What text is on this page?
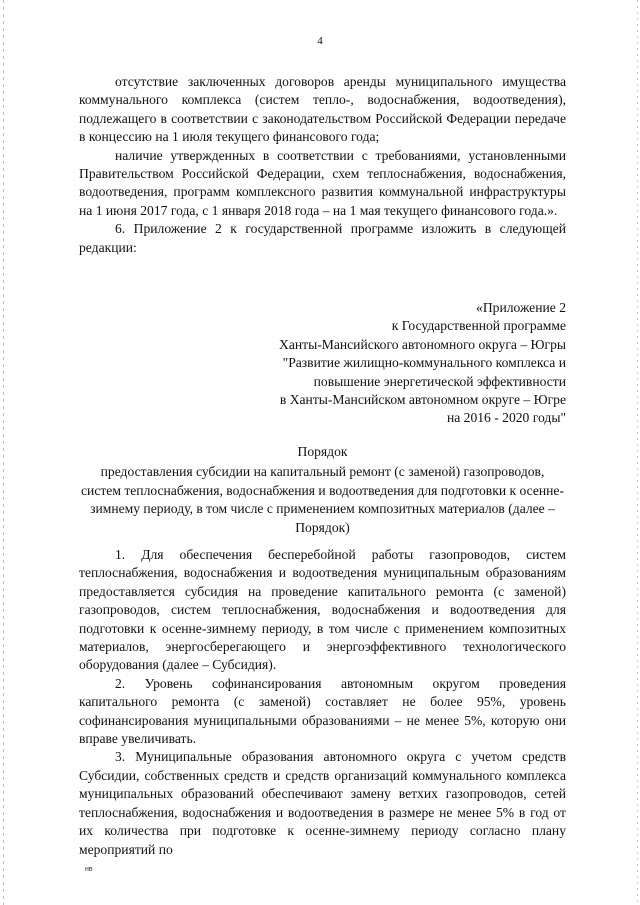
4

отсутствие заключенных договоров аренды муниципального имущества коммунального комплекса (систем тепло-, водоснабжения, водоотведения), подлежащего в соответствии с законодательством Российской Федерации передаче в концессию на 1 июля текущего финансового года;

наличие утвержденных в соответствии с требованиями, установленными Правительством Российской Федерации, схем теплоснабжения, водоснабжения, водоотведения, программ комплексного развития коммунальной инфраструктуры на 1 июня 2017 года, с 1 января 2018 года – на 1 мая текущего финансового года.».

6. Приложение 2 к государственной программе изложить в следующей редакции:

«Приложение 2
к Государственной программе
Ханты-Мансийского автономного округа – Югры
"Развитие жилищно-коммунального комплекса и
повышение энергетической эффективности
в Ханты-Мансийском автономном округе – Югре
на 2016 - 2020 годы"
Порядок
предоставления субсидии на капитальный ремонт (с заменой) газопроводов, систем теплоснабжения, водоснабжения и водоотведения для подготовки к осенне-зимнему периоду, в том числе с применением композитных материалов (далее – Порядок)

1. Для обеспечения бесперебойной работы газопроводов, систем теплоснабжения, водоснабжения и водоотведения муниципальным образованиям предоставляется субсидия на проведение капитального ремонта (с заменой) газопроводов, систем теплоснабжения, водоснабжения и водоотведения для подготовки к осенне-зимнему периоду, в том числе с применением композитных материалов, энергосберегающего и энергоэффективного технологического оборудования (далее – Субсидия).

2. Уровень софинансирования автономным округом проведения капитального ремонта (с заменой) составляет не более 95%, уровень софинансирования муниципальными образованиями – не менее 5%, которую они вправе увеличивать.

3. Муниципальные образования автономного округа с учетом средств Субсидии, собственных средств и средств организаций коммунального комплекса муниципальных образований обеспечивают замену ветхих газопроводов, сетей теплоснабжения, водоснабжения и водоотведения в размере не менее 5% в год от их количества при подготовке к осенне-зимнему периоду согласно плану мероприятий по

нв
